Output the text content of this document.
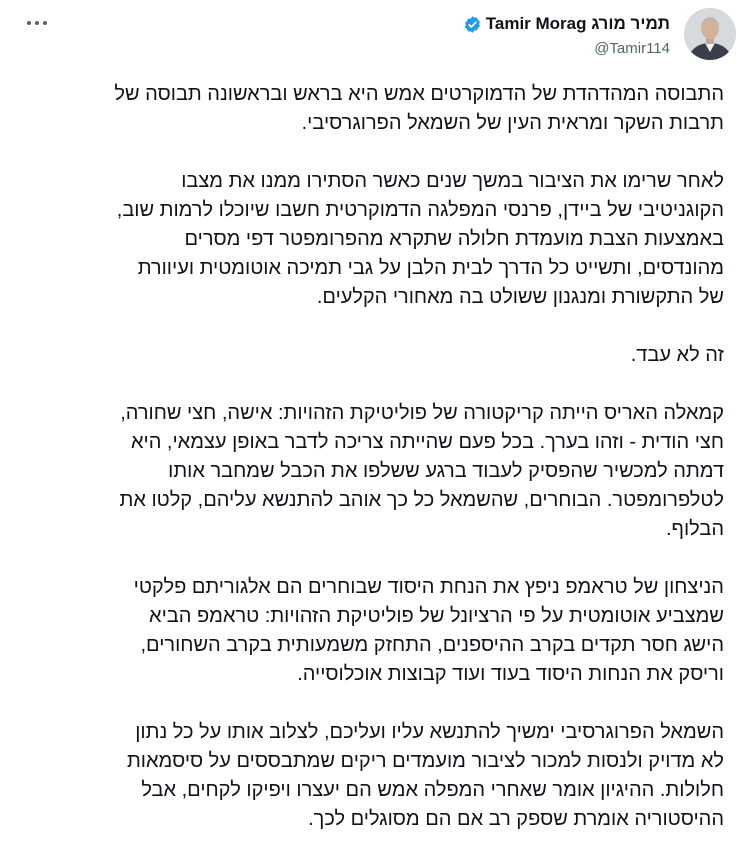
תמיר מורג Tamir Morag
@Tamir114

התבוסה המהדהדת של הדמוקרטים אמש היא בראש ובראשונה תבוסה של
תרבות השקר ומראית העין של השמאל הפרוגרסיבי.

לאחר שרימו את הציבור במשך שנים כאשר הסתירו ממנו את מצבו
הקוגניטיבי של ביידן, פרנסי המפלגה הדמוקרטית חשבו שיוכלו לרמות שוב,
באמצעות הצבת מועמדת חלולה שתקרא מהפרומפטר דפי מסרים
מהונדסים, ותשייט כל הדרך לבית הלבן על גבי תמיכה אוטומטית ועיוורת
של התקשורת ומנגנון ששולט בה מאחורי הקלעים.

זה לא עבד.

קמאלה האריס הייתה קריקטורה של פוליטיקת הזהויות: אישה, חצי שחורה,
חצי הודית - וזהו בערך. בכל פעם שהייתה צריכה לדבר באופן עצמאי, היא
דמתה למכשיר שהפסיק לעבוד ברגע ששלפו את הכבל שמחבר אותו
לטלפרומפטר. הבוחרים, שהשמאל כל כך אוהב להתנשא עליהם, קלטו את
הבלוף.

הניצחון של טראמפ ניפץ את הנחת היסוד שבוחרים הם אלגוריתם פלקטי
שמצביע אוטומטית על פי הרציונל של פוליטיקת הזהויות: טראמפ הביא
הישג חסר תקדים בקרב ההיספנים, התחזק משמעותית בקרב השחורים,
וריסק את הנחות היסוד בעוד ועוד קבוצות אוכלוסייה.

השמאל הפרוגרסיבי ימשיך להתנשא עליו ועליכם, לצלוב אותו על כל נתון
לא מדויק ולנסות למכור לציבור מועמדים ריקים שמתבססים על סיסמאות
חלולות. ההיגיון אומר שאחרי המפלה אמש הם יעצרו ויפיקו לקחים, אבל
ההיסטוריה אומרת שספק רב אם הם מסוגלים לכך.
